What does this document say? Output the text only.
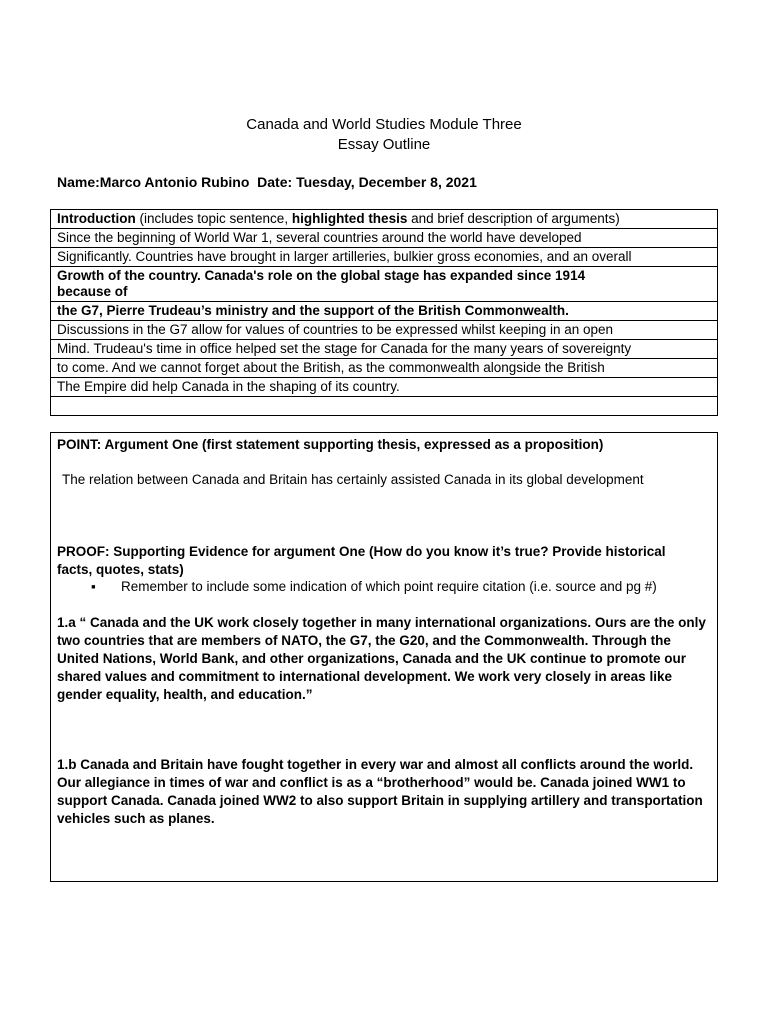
Canada and World Studies Module Three
Essay Outline
Name:Marco Antonio Rubino Date: Tuesday, December 8, 2021
Introduction (includes topic sentence, highlighted thesis and brief description of arguments)
Since the beginning of World War 1, several countries around the world have developed
Significantly. Countries have brought in larger artilleries, bulkier gross economies, and an overall

Growth of the country. Canada's role on the global stage has expanded since 1914
because of

the G7, Pierre Trudeau’s ministry and the support of the British Commonwealth.
Discussions in the G7 allow for values of countries to be expressed whilst keeping in an open
Mind. Trudeau's time in office helped set the stage for Canada for the many years of sovereignty
to come. And we cannot forget about the British, as the commonwealth alongside the British
The Empire did help Canada in the shaping of its country.

POINT: Argument One (first statement supporting thesis, expressed as a proposition)
The relation between Canada and Britain has certainly assisted Canada in its global development
PROOF: Supporting Evidence for argument One (How do you know it’s true? Provide historical facts, quotes, stats)
▪ Remember to include some indication of which point require citation (i.e. source and pg #)
1.a “ Canada and the UK work closely together in many international organizations. Ours are the only two countries that are members of NATO, the G7, the G20, and the Commonwealth. Through the United Nations, World Bank, and other organizations, Canada and the UK continue to promote our shared values and commitment to international development. We work very closely in areas like gender equality, health, and education.”
1.b Canada and Britain have fought together in every war and almost all conflicts around the world. Our allegiance in times of war and conflict is as a “brotherhood” would be. Canada joined WW1 to support Canada. Canada joined WW2 to also support Britain in supplying artillery and transportation vehicles such as planes.
